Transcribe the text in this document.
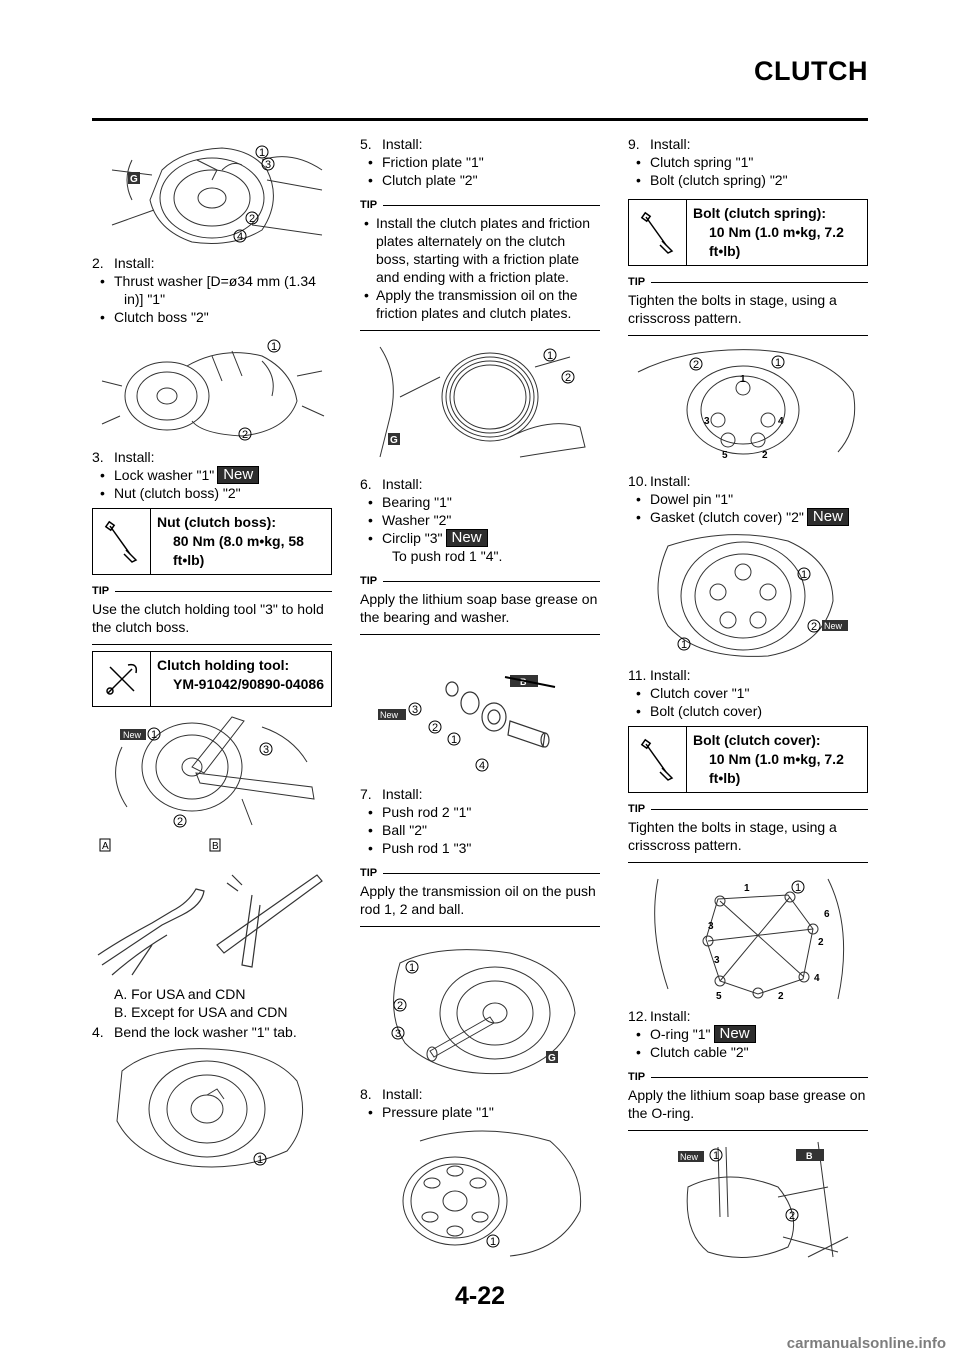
CLUTCH
G
1
3
2
4

2. Install:

• Thrust washer [D=ø34 mm (1.34

in)] "1"

• Clutch boss "2"

1
2

3. Install:

• Lock washer "1" New

• Nut (clutch boss) "2"

Nut (clutch boss):
80 Nm (8.0 m•kg, 58
ft•lb)
TIP
Use the clutch holding tool "3" to hold the clutch boss.
Clutch holding tool:
YM-91042/90890-04086
New 1
3
2
A	B

A. For USA and CDN

B. Except for USA and CDN

4. Bend the lock washer "1" tab.

1

5. Install:

• Friction plate "1"

• Clutch plate "2"

TIP
• Install the clutch plates and friction plates alternately on the clutch boss, starting with a friction plate and ending with a friction plate.
• Apply the transmission oil on the friction plates and clutch plates.
G
1
2

6. Install:

• Bearing "1"

• Washer "2"

• Circlip "3" New

To push rod 1 "4".

TIP
Apply the lithium soap base grease on the bearing and washer.
B
New 3
2
1
4

7. Install:

• Push rod 2 "1"

• Ball "2"

• Push rod 1 "3"

TIP
Apply the transmission oil on the push rod 1, 2 and ball.
G
1
2
3

8. Install:

• Pressure plate "1"

1

9. Install:

• Clutch spring "1"

• Bolt (clutch spring) "2"

Bolt (clutch spring):
10 Nm (1.0 m•kg, 7.2
ft•lb)
TIP
Tighten the bolts in stage, using a crisscross pattern.
2	1
1
3	4
5	2

10. Install:

• Dowel pin "1"

• Gasket (clutch cover) "2" New

New
1
2
1

11. Install:

• Clutch cover "1"

• Bolt (clutch cover)

Bolt (clutch cover):
10 Nm (1.0 m•kg, 7.2
ft•lb)
TIP
Tighten the bolts in stage, using a crisscross pattern.
1
6
3
2
3
4
5	2
1

12. Install:

• O-ring "1" New

• Clutch cable "2"

TIP
Apply the lithium soap base grease on the O-ring.
B
New 1
2
4-22
carmanualsonline.info
